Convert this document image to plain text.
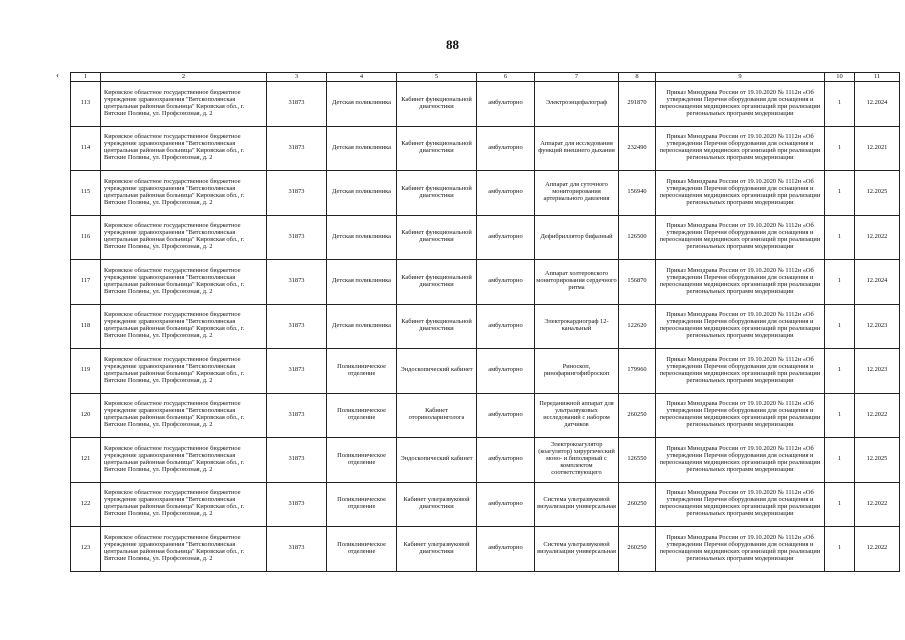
88
‹	1	2	3	4	5	6	7	8	9	10	11
113	Кировское областное государственное бюджетное учреждение здравоохранения "Вятскополянская центральная районная больница" Кировская обл., г. Вятские Поляны, ул. Профсоюзная, д. 2	31873	Детская поликлиника	Кабинет функциональной диагностики	амбулаторно	Электроэнцефалограф	291870	Приказ Минздрава России от 19.10.2020 № 1112н «Об утверждении Перечня оборудования для оснащения и переоснащения медицинских организаций при реализации региональных программ модернизации	1	12.2024
114	Кировское областное государственное бюджетное учреждение здравоохранения "Вятскополянская центральная районная больница" Кировская обл., г. Вятские Поляны, ул. Профсоюзная, д. 2	31873	Детская поликлиника	Кабинет функциональной диагностики	амбулаторно	Аппарат для исследования функций внешнего дыхания	232490	Приказ Минздрава России от 19.10.2020 № 1112н «Об утверждении Перечня оборудования для оснащения и переоснащения медицинских организаций при реализации региональных программ модернизации	1	12.2021
115	Кировское областное государственное бюджетное учреждение здравоохранения "Вятскополянская центральная районная больница" Кировская обл., г. Вятские Поляны, ул. Профсоюзная, д. 2	31873	Детская поликлиника	Кабинет функциональной диагностики	амбулаторно	Аппарат для суточного мониторирования артериального давления	156940	Приказ Минздрава России от 19.10.2020 № 1112н «Об утверждении Перечня оборудования для оснащения и переоснащения медицинских организаций при реализации региональных программ модернизации	1	12.2025
116	Кировское областное государственное бюджетное учреждение здравоохранения "Вятскополянская центральная районная больница" Кировская обл., г. Вятские Поляны, ул. Профсоюзная, д. 2	31873	Детская поликлиника	Кабинет функциональной диагностики	амбулаторно	Дефибриллятор бифазный	126500	Приказ Минздрава России от 19.10.2020 № 1112н «Об утверждении Перечня оборудования для оснащения и переоснащения медицинских организаций при реализации региональных программ модернизации	1	12.2022
117	Кировское областное государственное бюджетное учреждение здравоохранения "Вятскополянская центральная районная больница" Кировская обл., г. Вятские Поляны, ул. Профсоюзная, д. 2	31873	Детская поликлиника	Кабинет функциональной диагностики	амбулаторно	Аппарат холтеровского мониторирования сердечного ритма	156870	Приказ Минздрава России от 19.10.2020 № 1112н «Об утверждении Перечня оборудования для оснащения и переоснащения медицинских организаций при реализации региональных программ модернизации	1	12.2024
118	Кировское областное государственное бюджетное учреждение здравоохранения "Вятскополянская центральная районная больница" Кировская обл., г. Вятские Поляны, ул. Профсоюзная, д. 2	31873	Детская поликлиника	Кабинет функциональной диагностики	амбулаторно	Электрокардиограф 12-канальный	122620	Приказ Минздрава России от 19.10.2020 № 1112н «Об утверждении Перечня оборудования для оснащения и переоснащения медицинских организаций при реализации региональных программ модернизации	1	12.2023
119	Кировское областное государственное бюджетное учреждение здравоохранения "Вятскополянская центральная районная больница" Кировская обл., г. Вятские Поляны, ул. Профсоюзная, д. 2	31873	Поликлиническое отделение	Эндоскопический кабинет	амбулаторно	Риноскоп, ринофарингофиброскоп	179960	Приказ Минздрава России от 19.10.2020 № 1112н «Об утверждении Перечня оборудования для оснащения и переоснащения медицинских организаций при реализации региональных программ модернизации	1	12.2023
120	Кировское областное государственное бюджетное учреждение здравоохранения "Вятскополянская центральная районная больница" Кировская обл., г. Вятские Поляны, ул. Профсоюзная, д. 2	31873	Поликлиническое отделение	Кабинет оториноларинголога	амбулаторно	Переданижной аппарат для ультразвуковых исследований с набором датчиков	260250	Приказ Минздрава России от 19.10.2020 № 1112н «Об утверждении Перечня оборудования для оснащения и переоснащения медицинских организаций при реализации региональных программ модернизации	1	12.2022
121	Кировское областное государственное бюджетное учреждение здравоохранения "Вятскополянская центральная районная больница" Кировская обл., г. Вятские Поляны, ул. Профсоюзная, д. 2	31873	Поликлиническое отделение	Эндоскопический кабинет	амбулаторно	Электрокоагулятор (коагулятор) хирургический моно- и биполярный с комплектом соответствующего	126550	Приказ Минздрава России от 19.10.2020 № 1112н «Об утверждении Перечня оборудования для оснащения и переоснащения медицинских организаций при реализации региональных программ модернизации	1	12.2025
122	Кировское областное государственное бюджетное учреждение здравоохранения "Вятскополянская центральная районная больница" Кировская обл., г. Вятские Поляны, ул. Профсоюзная, д. 2	31873	Поликлиническое отделение	Кабинет ультразвуковой диагностики	амбулаторно	Система ультразвуковой визуализации универсальная	260250	Приказ Минздрава России от 19.10.2020 № 1112н «Об утверждении Перечня оборудования для оснащения и переоснащения медицинских организаций при реализации региональных программ модернизации	1	12.2022
123	Кировское областное государственное бюджетное учреждение здравоохранения "Вятскополянская центральная районная больница" Кировская обл., г. Вятские Поляны, ул. Профсоюзная, д. 2	31873	Поликлиническое отделение	Кабинет ультразвуковой диагностики	амбулаторно	Система ультразвуковой визуализации универсальная	260250	Приказ Минздрава России от 19.10.2020 № 1112н «Об утверждении Перечня оборудования для оснащения и переоснащения медицинских организаций при реализации региональных программ модернизации	1	12.2022
